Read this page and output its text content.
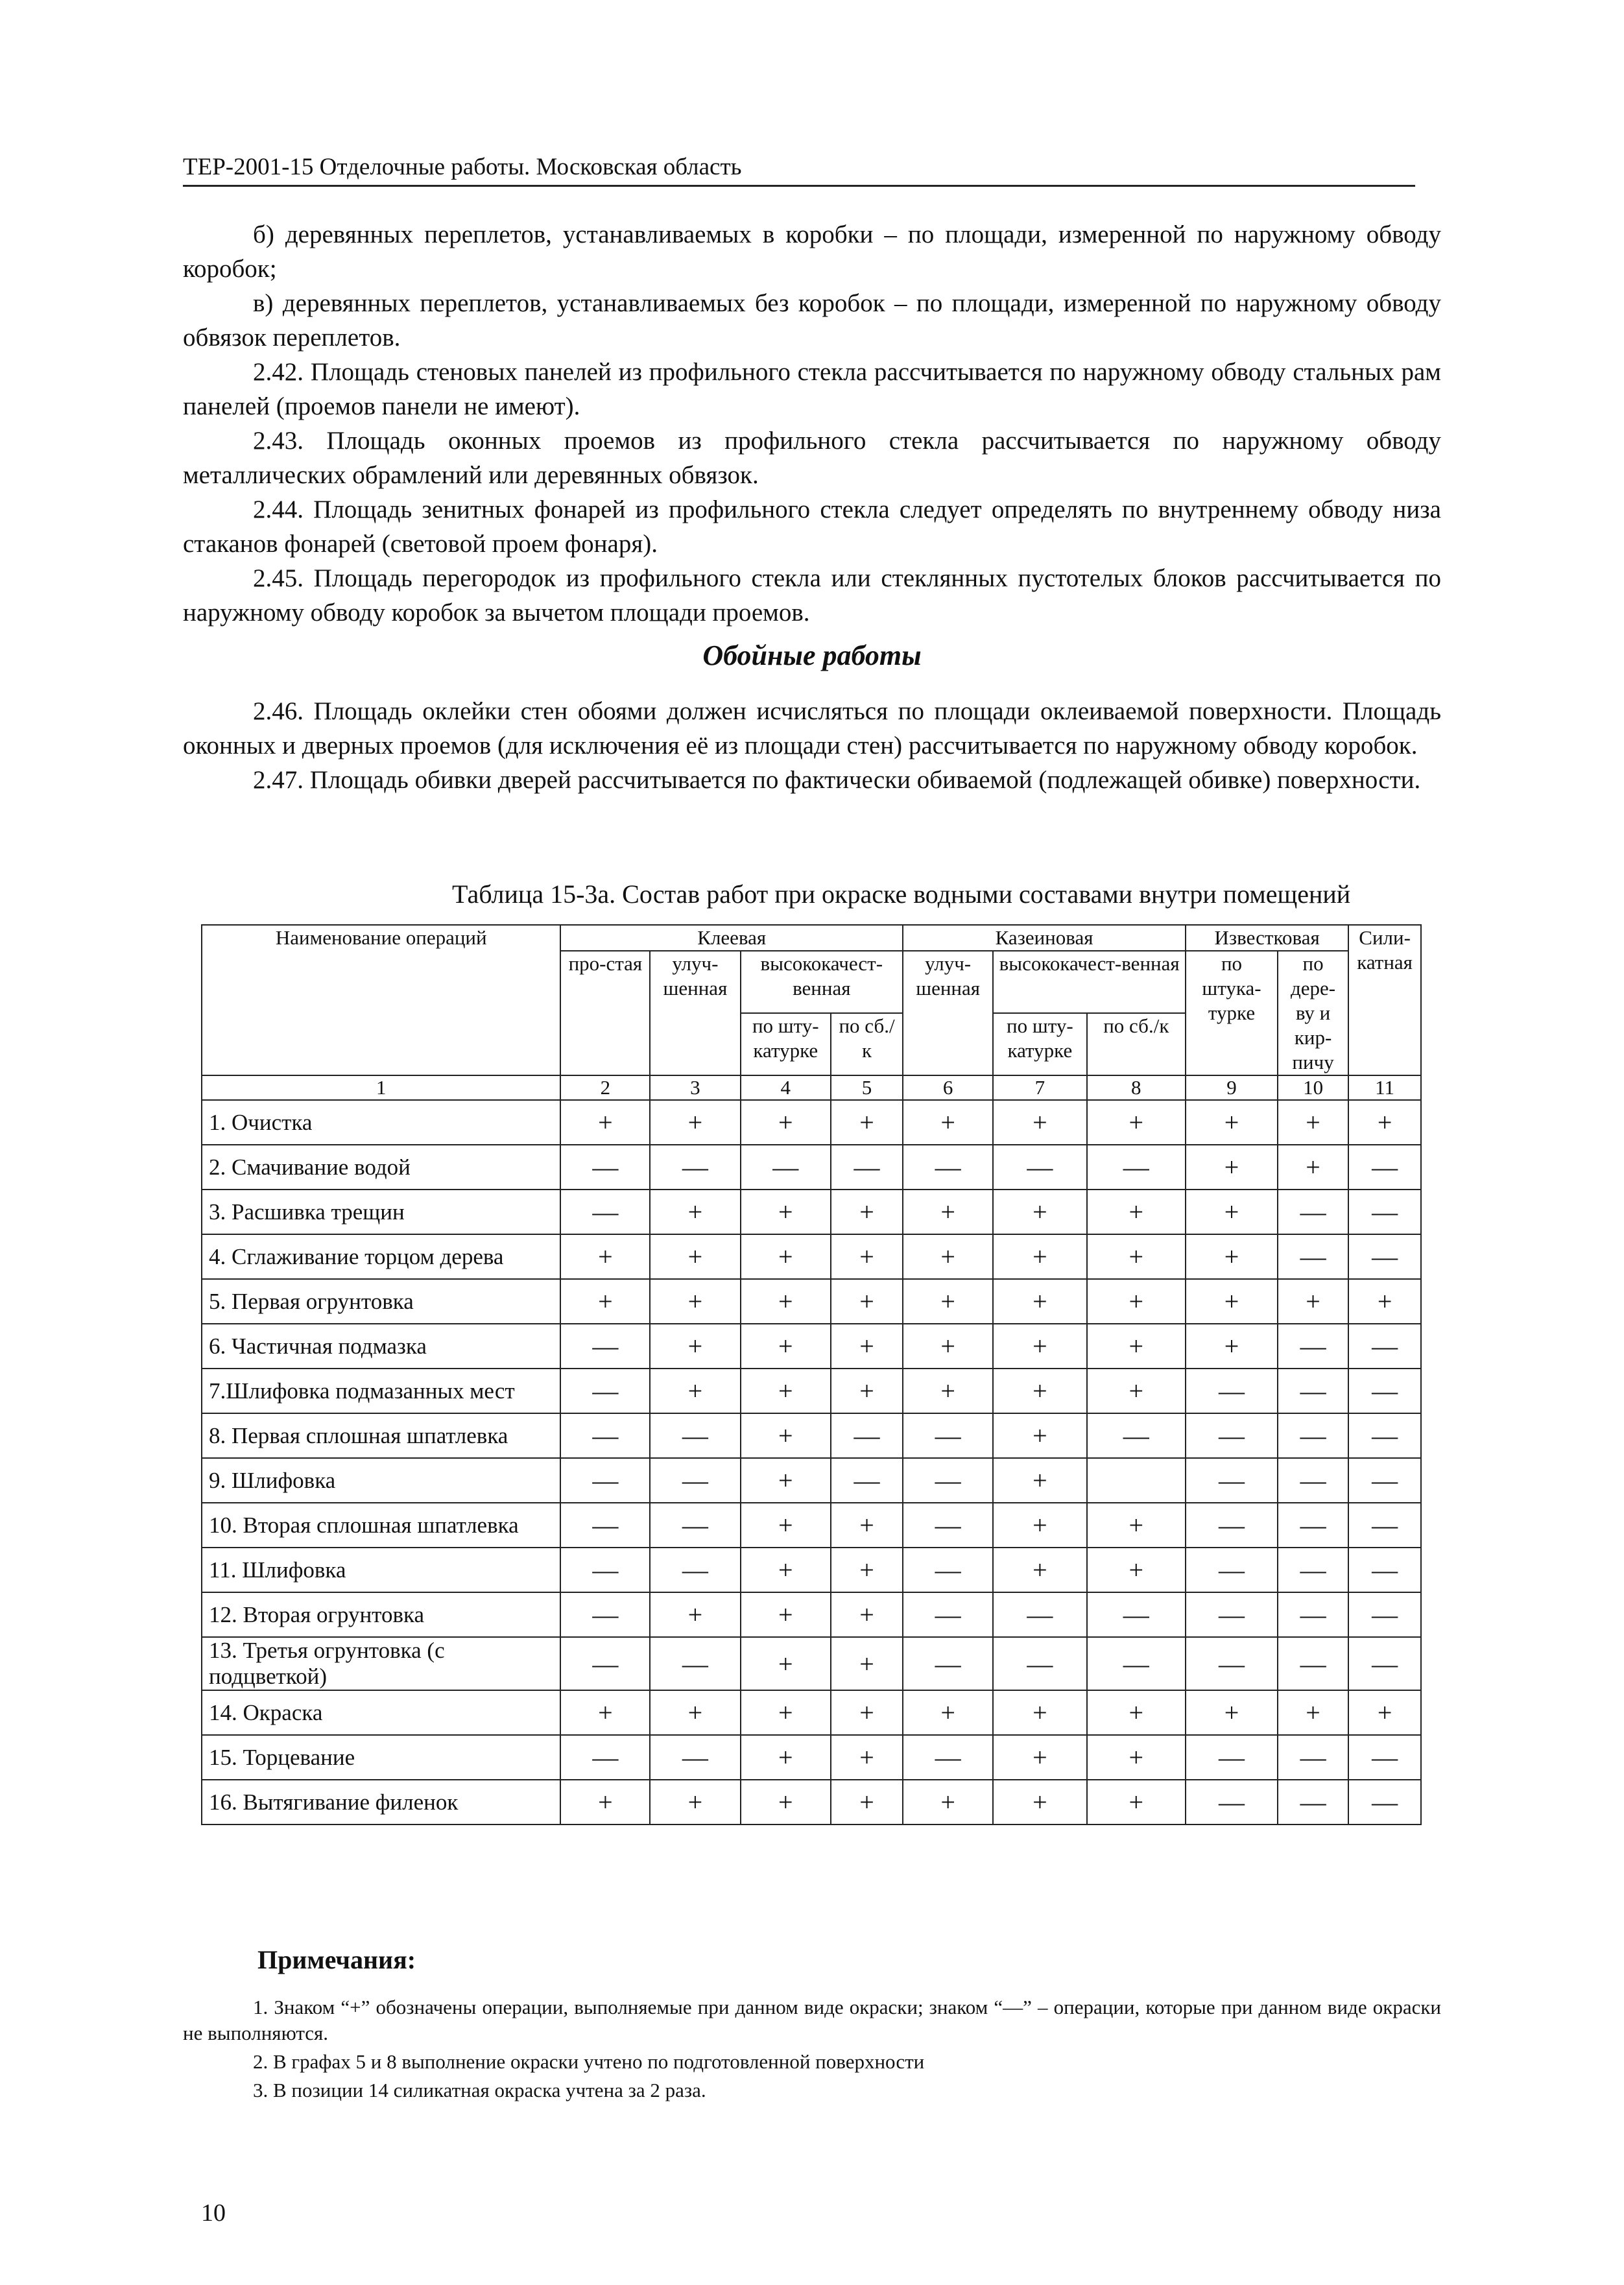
ТЕР-2001-15 Отделочные работы. Московская область

б) деревянных переплетов, устанавливаемых в коробки – по площади, измеренной по наружному обводу коробок;

в) деревянных переплетов, устанавливаемых без коробок – по площади, измеренной по наружному обводу обвязок переплетов.

2.42. Площадь стеновых панелей из профильного стекла рассчитывается по наружному обводу стальных рам панелей (проемов панели не имеют).

2.43. Площадь оконных проемов из профильного стекла рассчитывается по наружному обводу металлических обрамлений или деревянных обвязок.

2.44. Площадь зенитных фонарей из профильного стекла следует определять по внутреннему обводу низа стаканов фонарей (световой проем фонаря).

2.45. Площадь перегородок из профильного стекла или стеклянных пустотелых блоков рассчитывается по наружному обводу коробок за вычетом площади проемов.

Обойные работы

2.46. Площадь оклейки стен обоями должен исчисляться по площади оклеиваемой поверхности. Площадь оконных и дверных проемов (для исключения её из площади стен) рассчитывается по наружному обводу коробок.

2.47. Площадь обивки дверей рассчитывается по фактически обиваемой (подлежащей обивке) поверхности.

Таблица 15-3а. Состав работ при окраске водными составами внутри помещений
Наименование операций	Клеевая				Казеиновая			Известковая		Сили-катная
	про-стая	улуч-шенная	высококачест-венная		улуч-шенная	высококачест-венная		по штука-турке	по дере-ву и кир-пичу	
			по шту-катурке	по сб./к		по шту-катурке	по сб./к			
1	2	3	4	5	6	7	8	9	10	11
1. Очистка	+	+	+	+	+	+	+	+	+	+
2. Смачивание водой	—	—	—	—	—	—	—	+	+	—
3. Расшивка трещин	—	+	+	+	+	+	+	+	—	—
4. Сглаживание торцом дерева	+	+	+	+	+	+	+	+	—	—
5. Первая огрунтовка	+	+	+	+	+	+	+	+	+	+
6. Частичная подмазка	—	+	+	+	+	+	+	+	—	—
7.Шлифовка подмазанных мест	—	+	+	+	+	+	+	—	—	—
8. Первая сплошная шпатлевка	—	—	+	—	—	+	—	—	—	—
9. Шлифовка	—	—	+	—	—	+		—	—	—
10. Вторая сплошная шпатлевка	—	—	+	+	—	+	+	—	—	—
11. Шлифовка	—	—	+	+	—	+	+	—	—	—
12. Вторая огрунтовка	—	+	+	+	—	—	—	—	—	—
13. Третья огрунтовка (с подцветкой)	—	—	+	+	—	—	—	—	—	—
14. Окраска	+	+	+	+	+	+	+	+	+	+
15. Торцевание	—	—	+	+	—	+	+	—	—	—
16. Вытягивание филенок	+	+	+	+	+	+	+	—	—	—
Примечания:

1. Знаком “+” обозначены операции, выполняемые при данном виде окраски; знаком “—” – операции, которые при данном виде окраски не выполняются.

2. В графах 5 и 8 выполнение окраски учтено по подготовленной поверхности

3. В позиции 14 силикатная окраска учтена за 2 раза.

10
